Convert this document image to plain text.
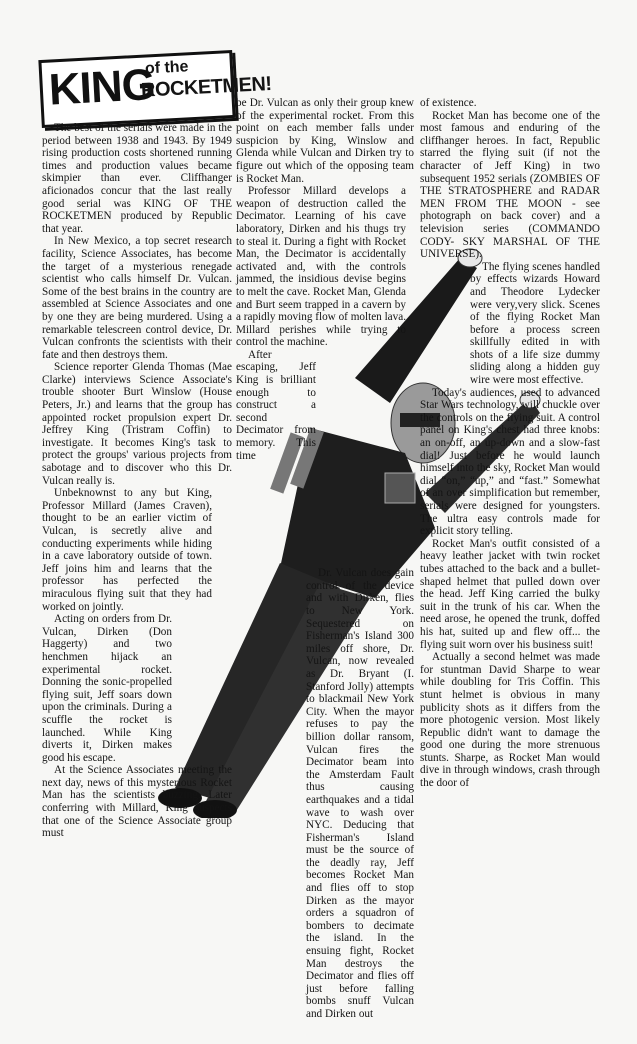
KING
of the
ROCKETMEN!

The best of the serials were made in the period between 1938 and 1943. By 1949 rising production costs shortened running times and production values became skimpier than ever. Cliffhanger aficionados concur that the last really good serial was KING OF THE ROCKETMEN produced by Republic that year.

In New Mexico, a top secret research facility, Science Associates, has become the target of a mysterious renegade scientist who calls himself Dr. Vulcan. Some of the best brains in the country are assembled at Science Associates and one by one they are being murdered. Using a remarkable telescreen control device, Dr. Vulcan confronts the scientists with their fate and then destroys them.

Science reporter Glenda Thomas (Mae Clarke) interviews Science Associate's trouble shooter Burt Winslow (House Peters, Jr.) and learns that the group has appointed rocket propulsion expert Dr. Jeffrey King (Tristram Coffin) to investigate. It becomes King's task to protect the groups' various projects from sabotage and to discover who this Dr. Vulcan really is.

Unbeknownst to any but King, Professor Millard (James Craven), thought to be an earlier victim of Vulcan, is secretly alive and conducting experiments while hiding in a cave laboratory outside of town. Jeff joins him and learns that the professor has perfected the miraculous flying suit that they had worked on jointly.

Acting on orders from Dr. Vulcan, Dirken (Don Haggerty) and two henchmen hijack an experimental rocket. Donning the sonic-propelled flying suit, Jeff soars down upon the criminals. During a scuffle the rocket is launched. While King diverts it, Dirken makes good his escape.

At the Science Associates meeting the next day, news of this mysterious Rocket Man has the scientists buzzing. Later conferring with Millard, King suspects that one of the Science Associate group must

be Dr. Vulcan as only their group knew of the experimental rocket. From this point on each member falls under suspicion by King, Winslow and Glenda while Vulcan and Dirken try to figure out which of the opposing team is Rocket Man.

Professor Millard develops a weapon of destruction called the Decimator. Learning of his cave laboratory, Dirken and his thugs try to steal it. During a fight with Rocket Man, the Decimator is accidentally activated and, with the controls jammed, the insidious devise begins to melt the cave. Rocket Man, Glenda and Burt seem trapped in a cavern by a rapidly moving flow of molten lava. Millard perishes while trying to control the machine.

After escaping, Jeff King is brilliant enough to construct a second Decimator from memory. This time

Dr. Vulcan does gain control of the device and with Dirken, flies to New York. Sequestered on Fisherman's Island 300 miles off shore, Dr. Vulcan, now revealed as Dr. Bryant (I. Stanford Jolly) attempts to blackmail New York City. When the mayor refuses to pay the billion dollar ransom, Vulcan fires the Decimator beam into the Amsterdam Fault thus causing earthquakes and a tidal wave to wash over NYC. Deducing that Fisherman's Island must be the source of the deadly ray, Jeff becomes Rocket Man and flies off to stop Dirken as the mayor orders a squadron of bombers to decimate the island. In the ensuing fight, Rocket Man destroys the Decimator and flies off just before falling bombs snuff Vulcan and Dirken out

of existence.

Rocket Man has become one of the most famous and enduring of the cliffhanger heroes. In fact, Republic starred the flying suit (if not the character of Jeff King) in two subsequent 1952 serials (ZOMBIES OF THE STRATOSPHERE and RADAR MEN FROM THE MOON - see photograph on back cover) and a television series (COMMANDO CODY- SKY MARSHAL OF THE UNIVERSE).

The flying scenes handled by effects wizards Howard and Theodore Lydecker were very,very slick. Scenes of the flying Rocket Man before a process screen skillfully edited in with shots of a life size dummy sliding along a hidden guy wire were most effective.

Today's audiences, used to advanced Star Wars technology, will chuckle over the controls on the flying suit. A control panel on King's chest had three knobs: an on-off, an up-down and a slow-fast dial! Just before he would launch himself into the sky, Rocket Man would dial “on,” “up,” and “fast.” Somewhat of an over simplification but remember, serials were designed for youngsters. The ultra easy controls made for explicit story telling.

Rocket Man's outfit consisted of a heavy leather jacket with twin rocket tubes attached to the back and a bullet-shaped helmet that pulled down over the head. Jeff King carried the bulky suit in the trunk of his car. When the need arose, he opened the trunk, doffed his hat, suited up and flew off... the flying suit worn over his business suit!

Actually a second helmet was made for stuntman David Sharpe to wear while doubling for Tris Coffin. This stunt helmet is obvious in many publicity shots as it differs from the more photogenic version. Most likely Republic didn't want to damage the good one during the more strenuous stunts. Sharpe, as Rocket Man would dive in through windows, crash through the door of
